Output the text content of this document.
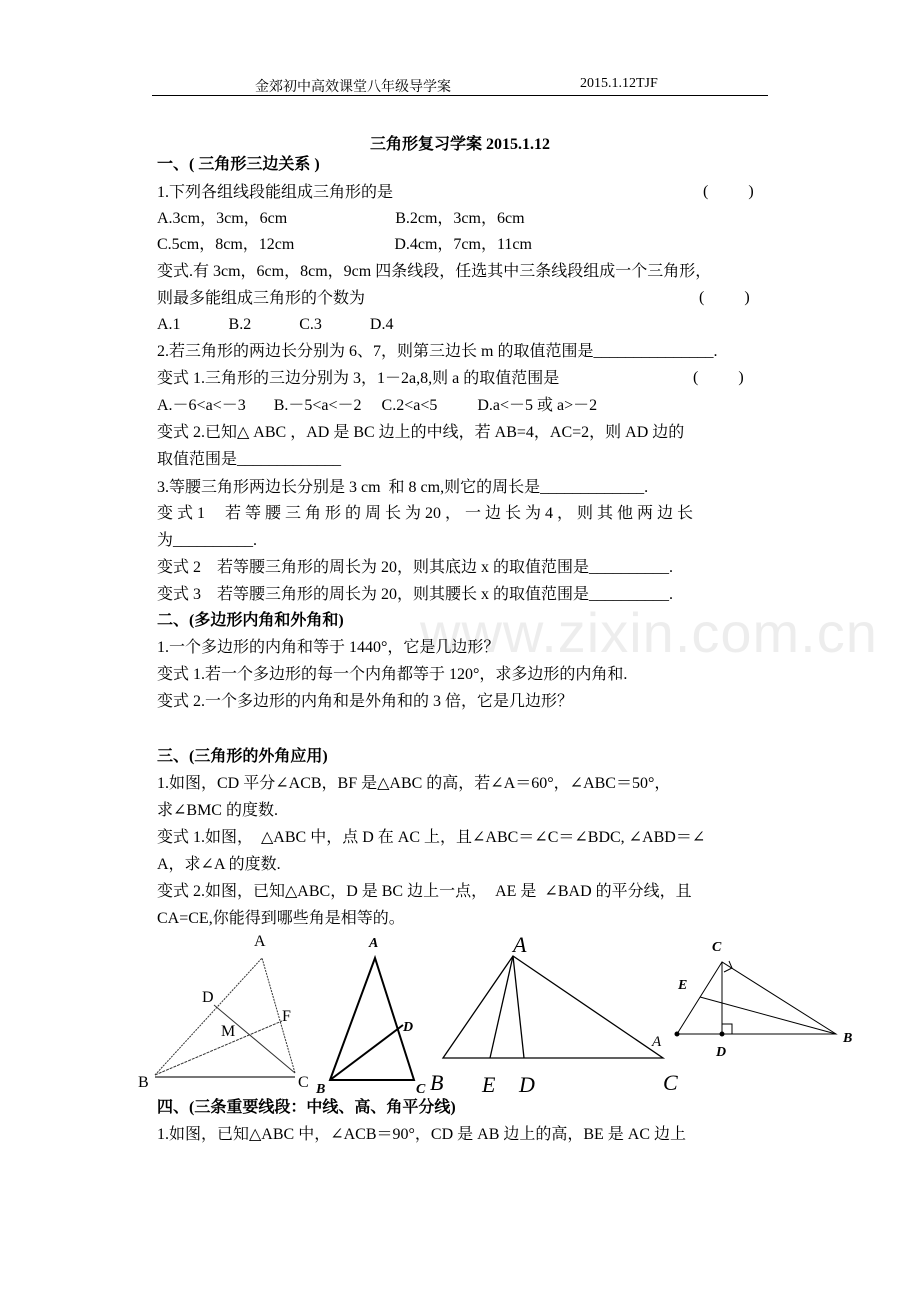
金郊初中高效课堂八年级导学案	2015.1.12TJF
三角形复习学案 2015.1.12
www.zixin.com.cn
一、( 三角形三边关系 )
1.下列各组线段能组成三角形的是	(          )
A.3cm，3cm，6cm                           B.2cm，3cm，6cm
C.5cm，8cm，12cm                         D.4cm，7cm，11cm
变式.有 3cm，6cm，8cm，9cm 四条线段，任选其中三条线段组成一个三角形，
则最多能组成三角形的个数为	(          )
A.1            B.2            C.3            D.4
2.若三角形的两边长分别为 6、7，则第三边长 m 的取值范围是_______________.
变式 1.三角形的三边分别为 3，1－2a,8,则 a 的取值范围是	(          )
A.－6<a<－3       B.－5<a<－2     C.2<a<5          D.a<－5 或 a>－2
变式 2.已知△ ABC ，AD 是 BC 边上的中线，若 AB=4，AC=2，则 AD 边的
取值范围是_____________
3.等腰三角形两边长分别是 3 cm  和 8 cm,则它的周长是_____________.
变 式 1     若 等 腰 三 角 形 的 周 长 为 20 ， 一 边 长 为 4 ， 则 其 他 两 边 长
为__________.
变式 2    若等腰三角形的周长为 20，则其底边 x 的取值范围是__________.
变式 3    若等腰三角形的周长为 20，则其腰长 x 的取值范围是__________.
二、(多边形内角和外角和)
1.一个多边形的内角和等于 1440°，它是几边形？
变式 1.若一个多边形的每一个内角都等于 120°，求多边形的内角和.
变式 2.一个多边形的内角和是外角和的 3 倍，它是几边形？
三、(三角形的外角应用)
1.如图，CD 平分∠ACB，BF 是△ABC 的高，若∠A＝60°，∠ABC＝50°，
求∠BMC 的度数.
变式 1.如图，  △ABC 中，点 D 在 AC 上，且∠ABC＝∠C＝∠BDC, ∠ABD＝∠
A，求∠A 的度数.
变式 2.如图，已知△ABC，D 是 BC 边上一点，  AE 是  ∠BAD 的平分线，且
CA=CE,你能得到哪些角是相等的。
四、(三条重要线段：中线、高、角平分线)
1.如图，已知△ABC 中，∠ACB＝90°，CD 是 AB 边上的高，BE 是 AC 边上
A
D
F
M
B	C
A
D
B	C
A
A
B E D	C
C
E
B
D
